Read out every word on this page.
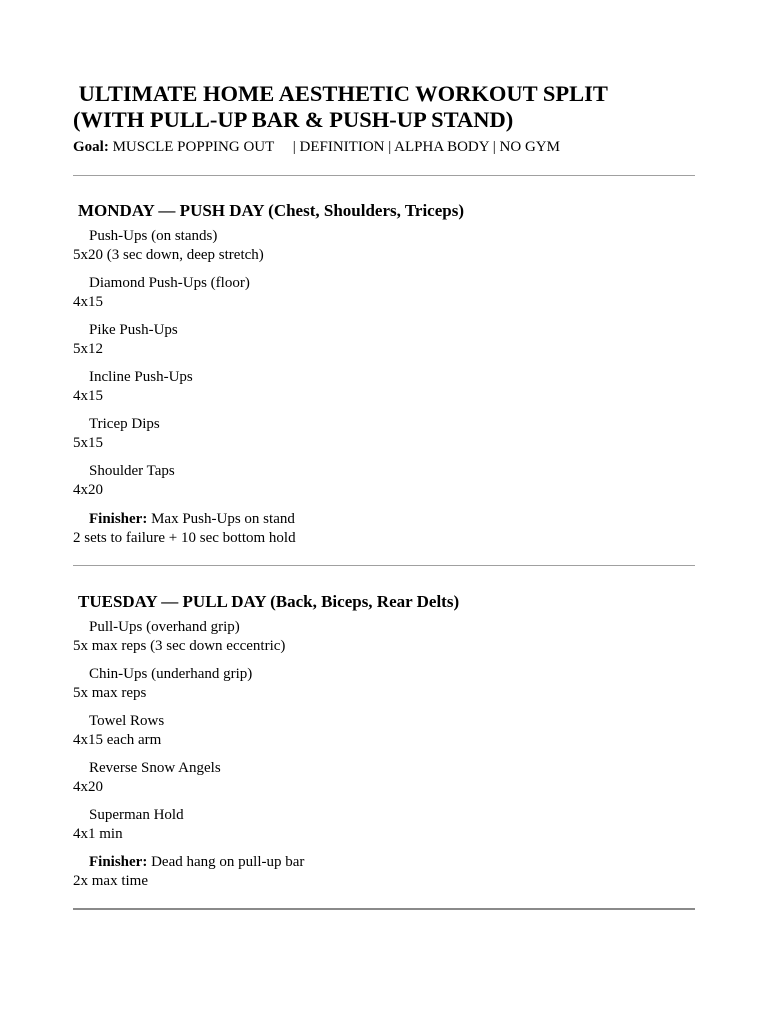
ULTIMATE HOME AESTHETIC WORKOUT SPLIT
(WITH PULL-UP BAR & PUSH-UP STAND)
Goal: MUSCLE POPPING OUT     | DEFINITION | ALPHA BODY | NO GYM
MONDAY — PUSH DAY (Chest, Shoulders, Triceps)
Push-Ups (on stands)
5x20 (3 sec down, deep stretch)
Diamond Push-Ups (floor)
4x15
Pike Push-Ups
5x12
Incline Push-Ups
4x15
Tricep Dips
5x15
Shoulder Taps
4x20
Finisher: Max Push-Ups on stand
2 sets to failure + 10 sec bottom hold
TUESDAY — PULL DAY (Back, Biceps, Rear Delts)
Pull-Ups (overhand grip)
5x max reps (3 sec down eccentric)
Chin-Ups (underhand grip)
5x max reps
Towel Rows
4x15 each arm
Reverse Snow Angels
4x20
Superman Hold
4x1 min
Finisher: Dead hang on pull-up bar
2x max time
